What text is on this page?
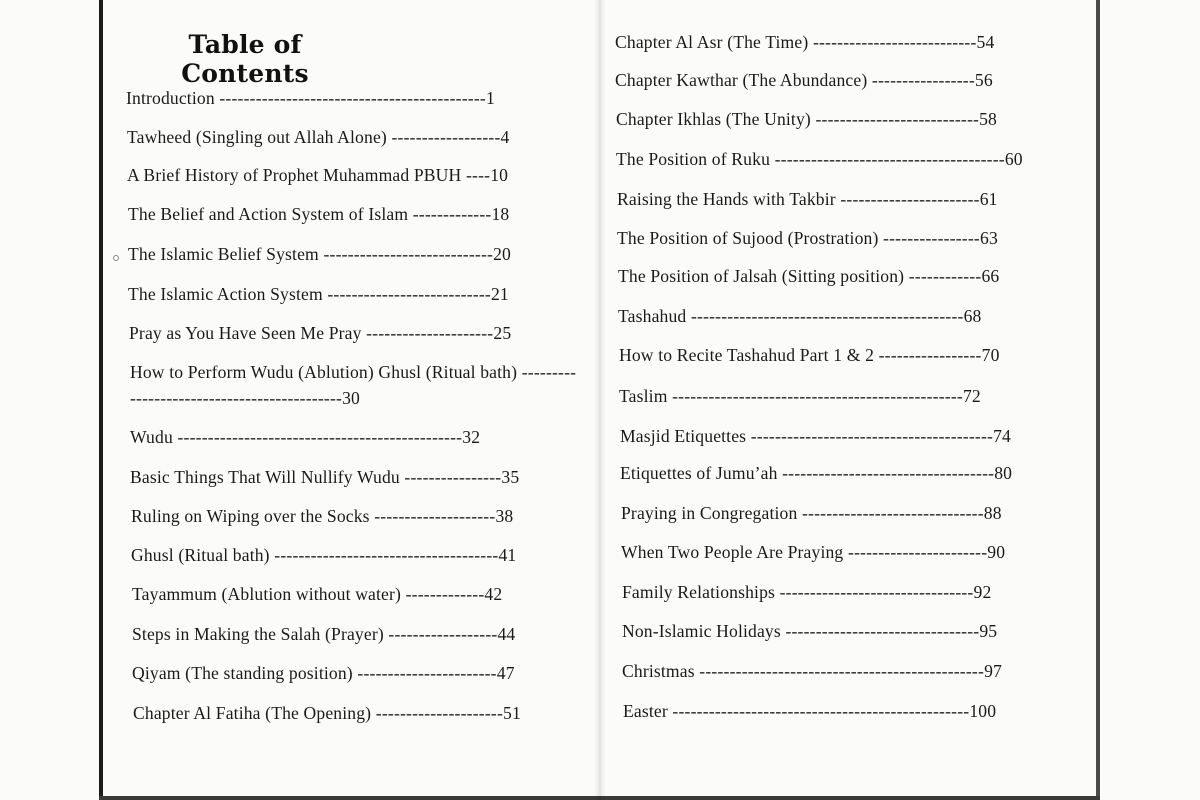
Table of Contents
Introduction --------------------------------------------1
Tawheed (Singling out Allah Alone) ------------------4
A Brief History of Prophet Muhammad PBUH ----10
The Belief and Action System of Islam -------------18
The Islamic Belief System ----------------------------20
The Islamic Action System ---------------------------21
Pray as You Have Seen Me Pray ---------------------25
How to Perform Wudu (Ablution) Ghusl (Ritual bath) --------------------------------------------30
Wudu -----------------------------------------------32
Basic Things That Will Nullify Wudu ----------------35
Ruling on Wiping over the Socks --------------------38
Ghusl (Ritual bath) -------------------------------------41
Tayammum (Ablution without water) -------------42
Steps in Making the Salah (Prayer) ------------------44
Qiyam (The standing position) -----------------------47
Chapter Al Fatiha (The Opening) ---------------------51
Chapter Al Asr (The Time) ---------------------------54
Chapter Kawthar (The Abundance) -----------------56
Chapter Ikhlas (The Unity) ---------------------------58
The Position of Ruku --------------------------------------60
Raising the Hands with Takbir -----------------------61
The Position of Sujood (Prostration) ----------------63
The Position of Jalsah (Sitting position) ------------66
Tashahud ---------------------------------------------68
How to Recite Tashahud Part 1 & 2 -----------------70
Taslim ------------------------------------------------72
Masjid Etiquettes ----------------------------------------74
Etiquettes of Jumu’ah -----------------------------------80
Praying in Congregation ------------------------------88
When Two People Are Praying -----------------------90
Family Relationships --------------------------------92
Non-Islamic Holidays --------------------------------95
Christmas -----------------------------------------------97
Easter -------------------------------------------------100
